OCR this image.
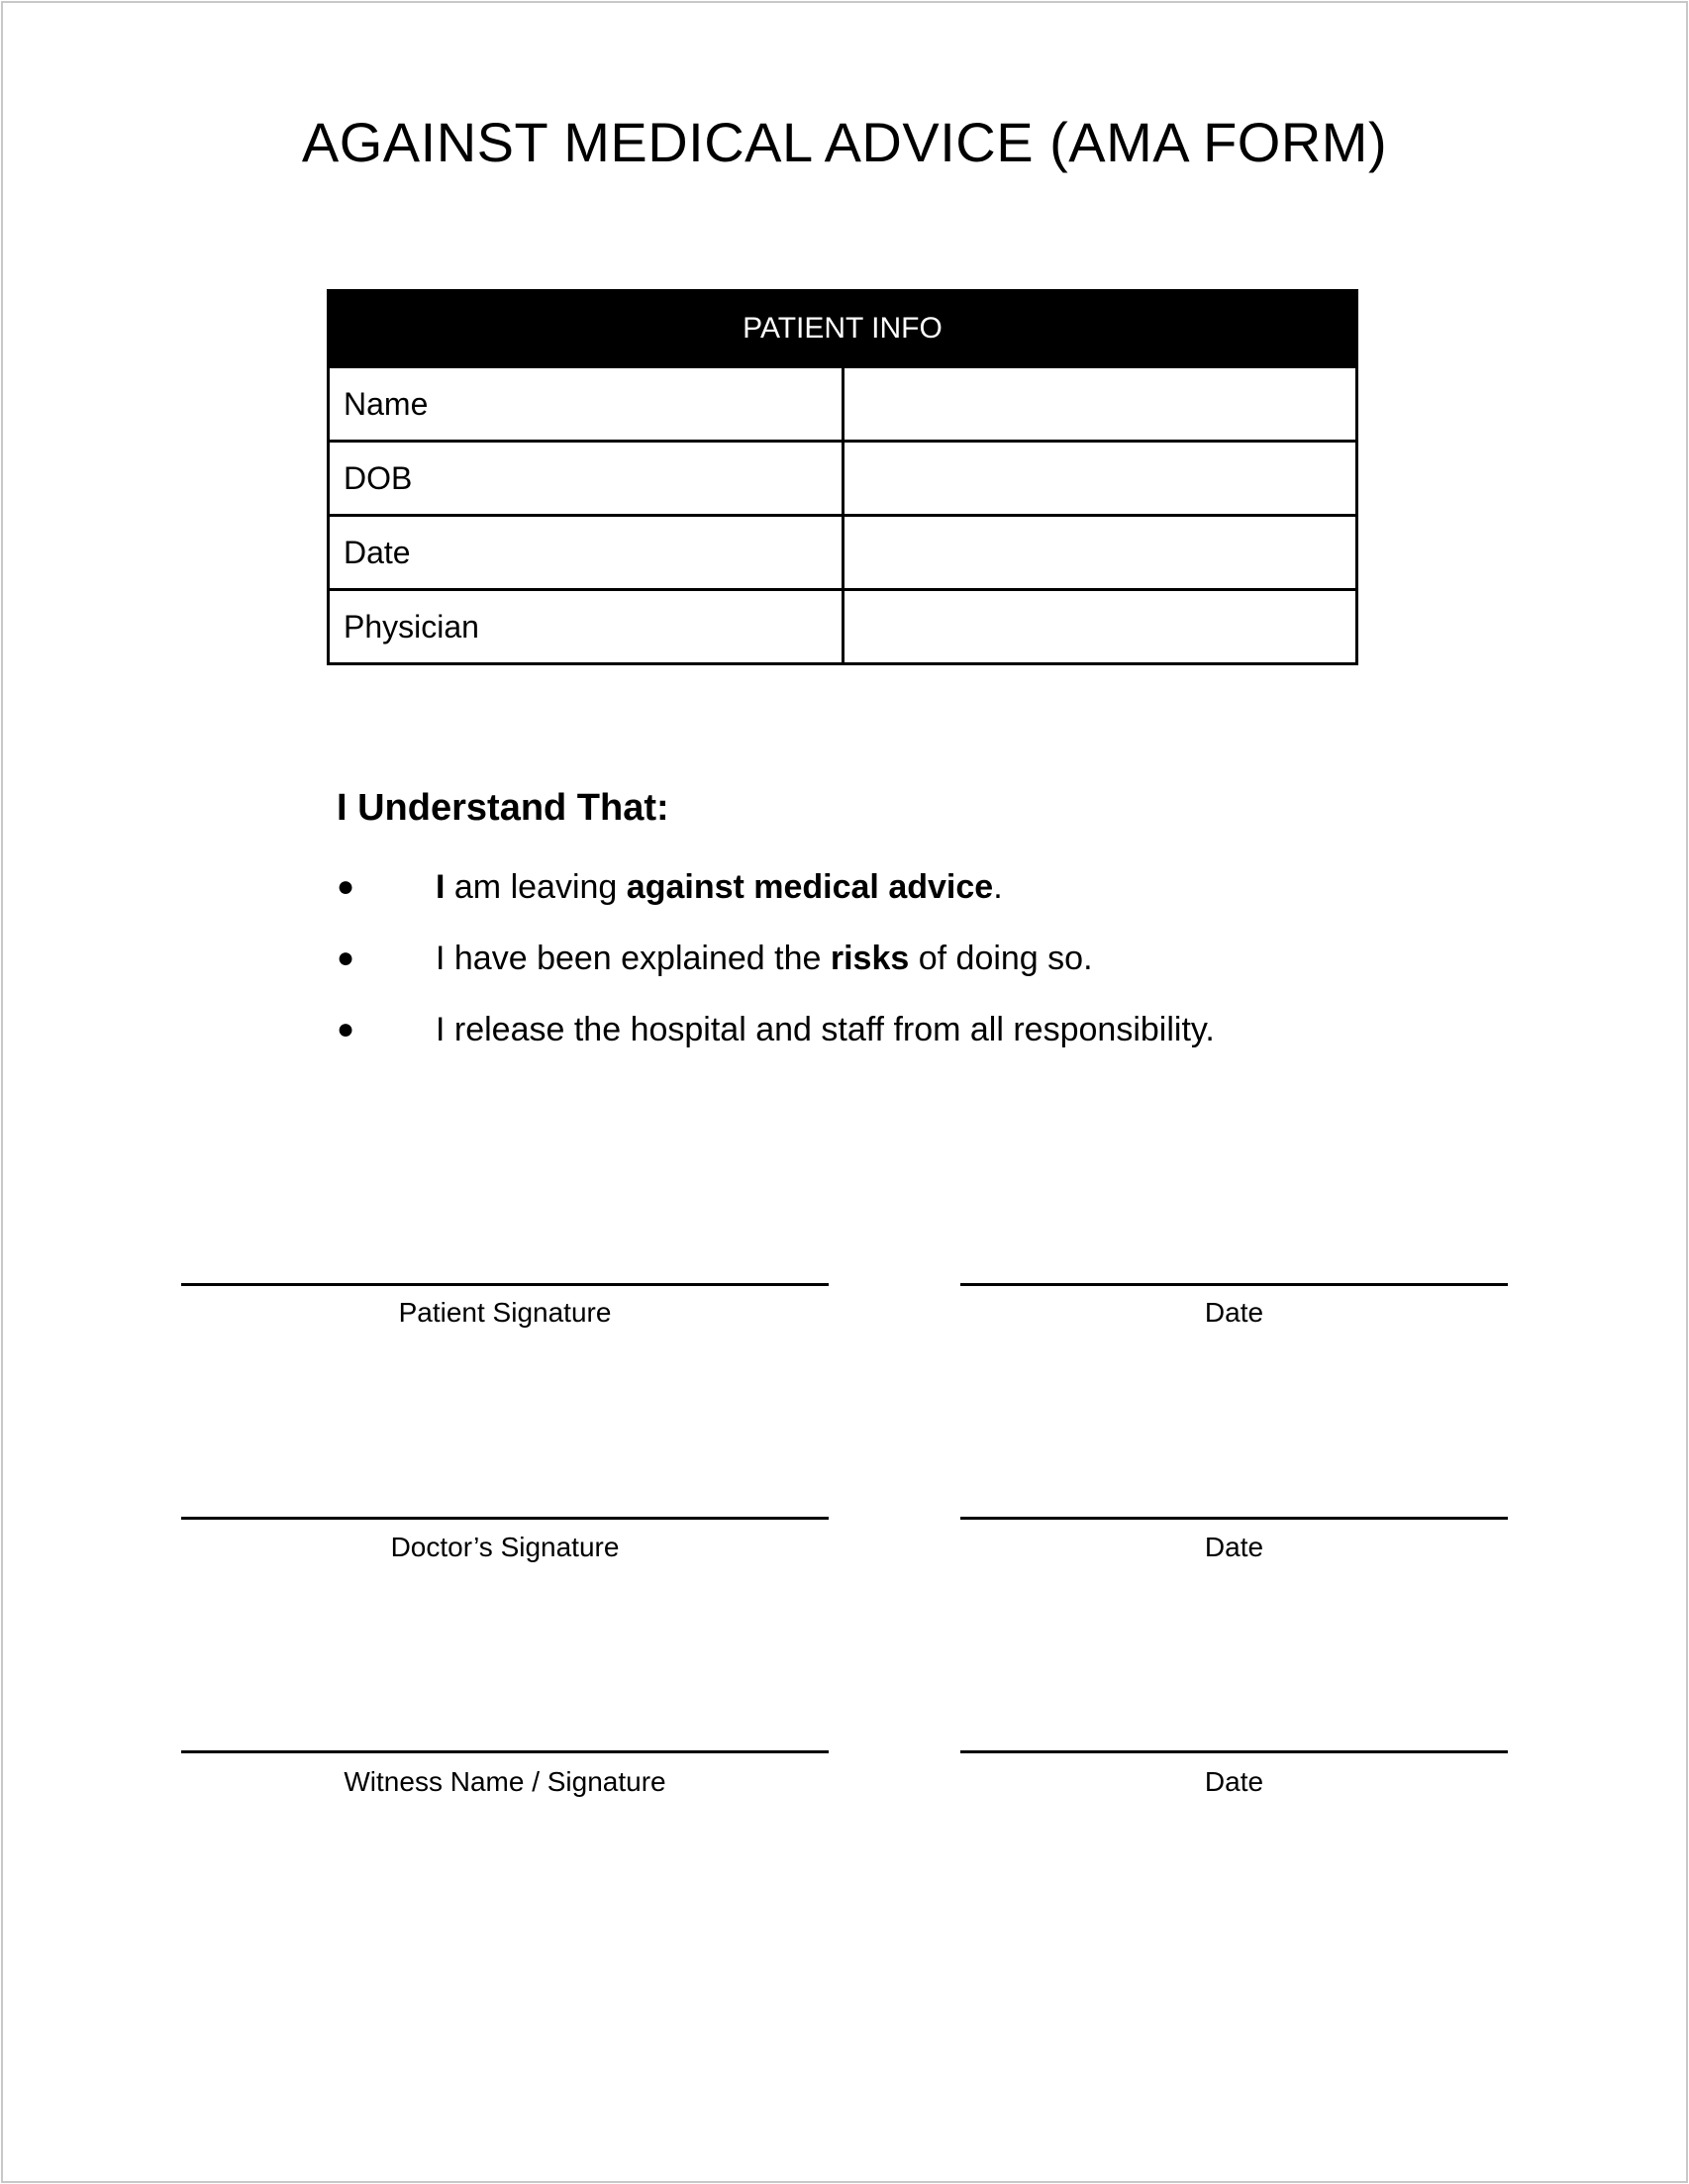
AGAINST MEDICAL ADVICE (AMA FORM)
PATIENT INFO	
Name	
DOB	
Date	
Physician	
I Understand That:
● I am leaving against medical advice.
● I have been explained the risks of doing so.
● I release the hospital and staff from all responsibility.
Patient Signature	Date
Doctor’s Signature	Date
Witness Name / Signature	Date
